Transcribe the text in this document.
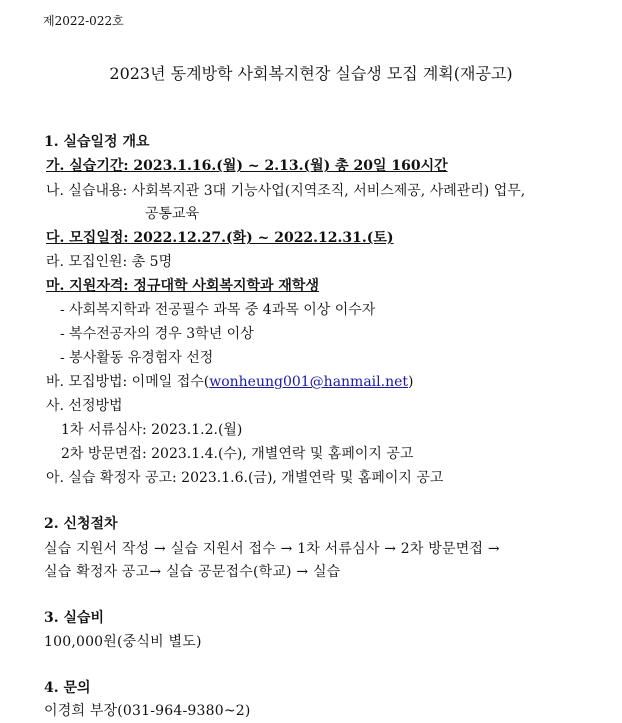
제2022-022호
2023년 동계방학 사회복지현장 실습생 모집 계획(재공고)
1. 실습일정 개요
가. 실습기간: 2023.1.16.(월) ~ 2.13.(월) 총 20일 160시간
나. 실습내용: 사회복지관 3대 기능사업(지역조직, 서비스제공, 사례관리) 업무,
공통교육
다. 모집일정: 2022.12.27.(화) ~ 2022.12.31.(토)
라. 모집인원: 총 5명
마. 지원자격: 정규대학 사회복지학과 재학생
- 사회복지학과 전공필수 과목 중 4과목 이상 이수자
- 복수전공자의 경우 3학년 이상
- 봉사활동 유경험자 선정
바. 모집방법: 이메일 접수(wonheung001@hanmail.net)
사. 선정방법
1차 서류심사: 2023.1.2.(월)
2차 방문면접: 2023.1.4.(수), 개별연락 및 홈페이지 공고
아. 실습 확정자 공고: 2023.1.6.(금), 개별연락 및 홈페이지 공고
2. 신청절차
실습 지원서 작성 → 실습 지원서 접수 → 1차 서류심사 → 2차 방문면접 →
실습 확정자 공고→ 실습 공문접수(학교) → 실습
3. 실습비
100,000원(중식비 별도)
4. 문의
이경희 부장(031-964-9380~2)
